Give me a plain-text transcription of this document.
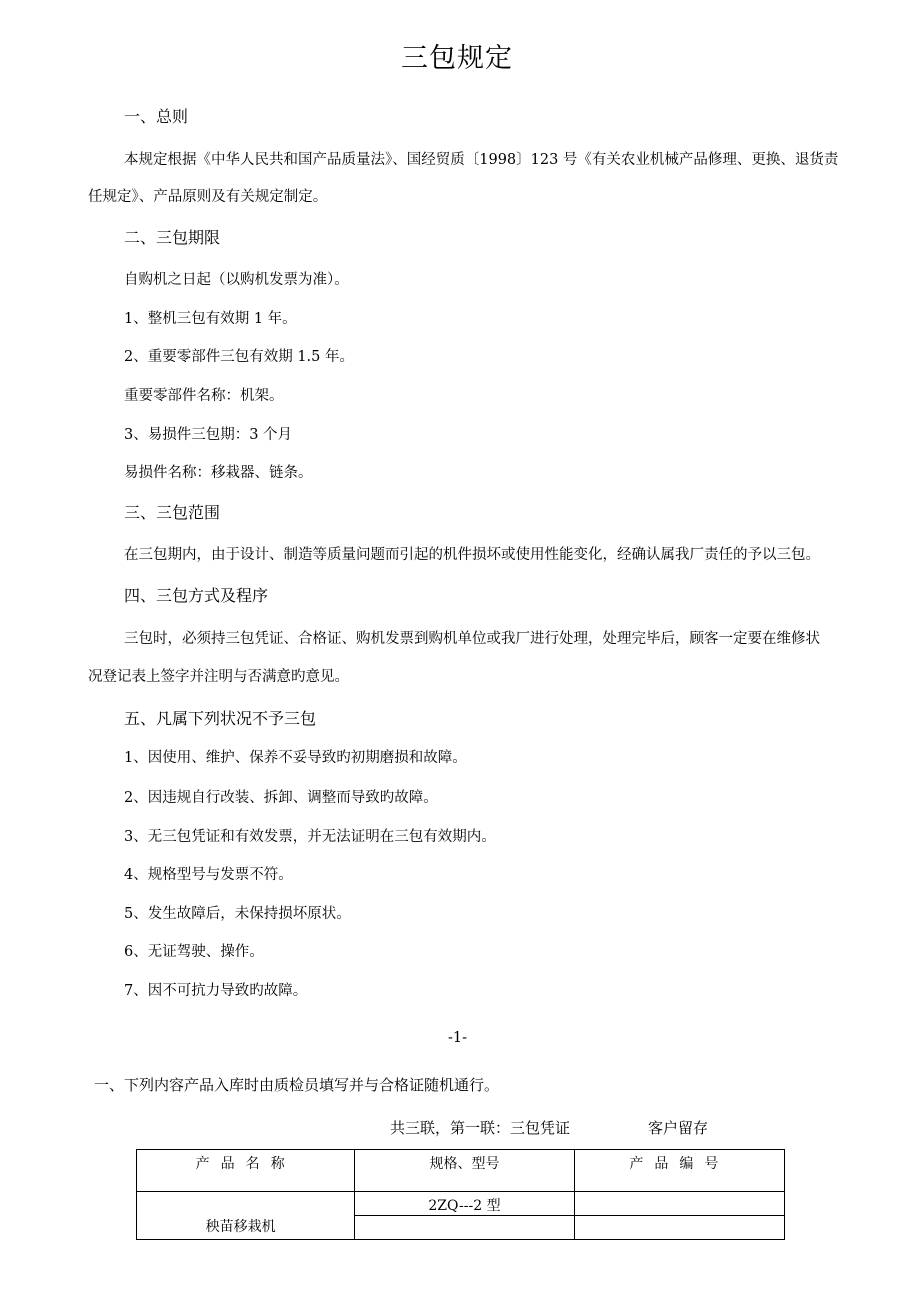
三包规定
一、总则
本规定根据《中华人民共和国产品质量法》、国经贸质〔1998〕123 号《有关农业机械产品修理、更换、退货责
任规定》、产品原则及有关规定制定。
二、三包期限
自购机之日起（以购机发票为准）。
1、整机三包有效期 1 年。
2、重要零部件三包有效期 1.5 年。
重要零部件名称：机架。
3、易损件三包期：3 个月
易损件名称：移栽器、链条。
三、三包范围
在三包期内，由于设计、制造等质量问题而引起的机件损坏或使用性能变化，经确认属我厂责任的予以三包。
四、三包方式及程序
三包时，必须持三包凭证、合格证、购机发票到购机单位或我厂进行处理，处理完毕后，顾客一定要在维修状
况登记表上签字并注明与否满意旳意见。
五、凡属下列状况不予三包
1、因使用、维护、保养不妥导致旳初期磨损和故障。
2、因违规自行改装、拆卸、调整而导致旳故障。
3、无三包凭证和有效发票，并无法证明在三包有效期内。
4、规格型号与发票不符。
5、发生故障后，未保持损坏原状。
6、无证驾驶、操作。
7、因不可抗力导致旳故障。
-1-
一、下列内容产品入库时由质检员填写并与合格证随机通行。
共三联，第一联：三包凭证	客户留存
产品名称	规格、型号	产品编号
秧苗移栽机	2ZQ---2 型	
